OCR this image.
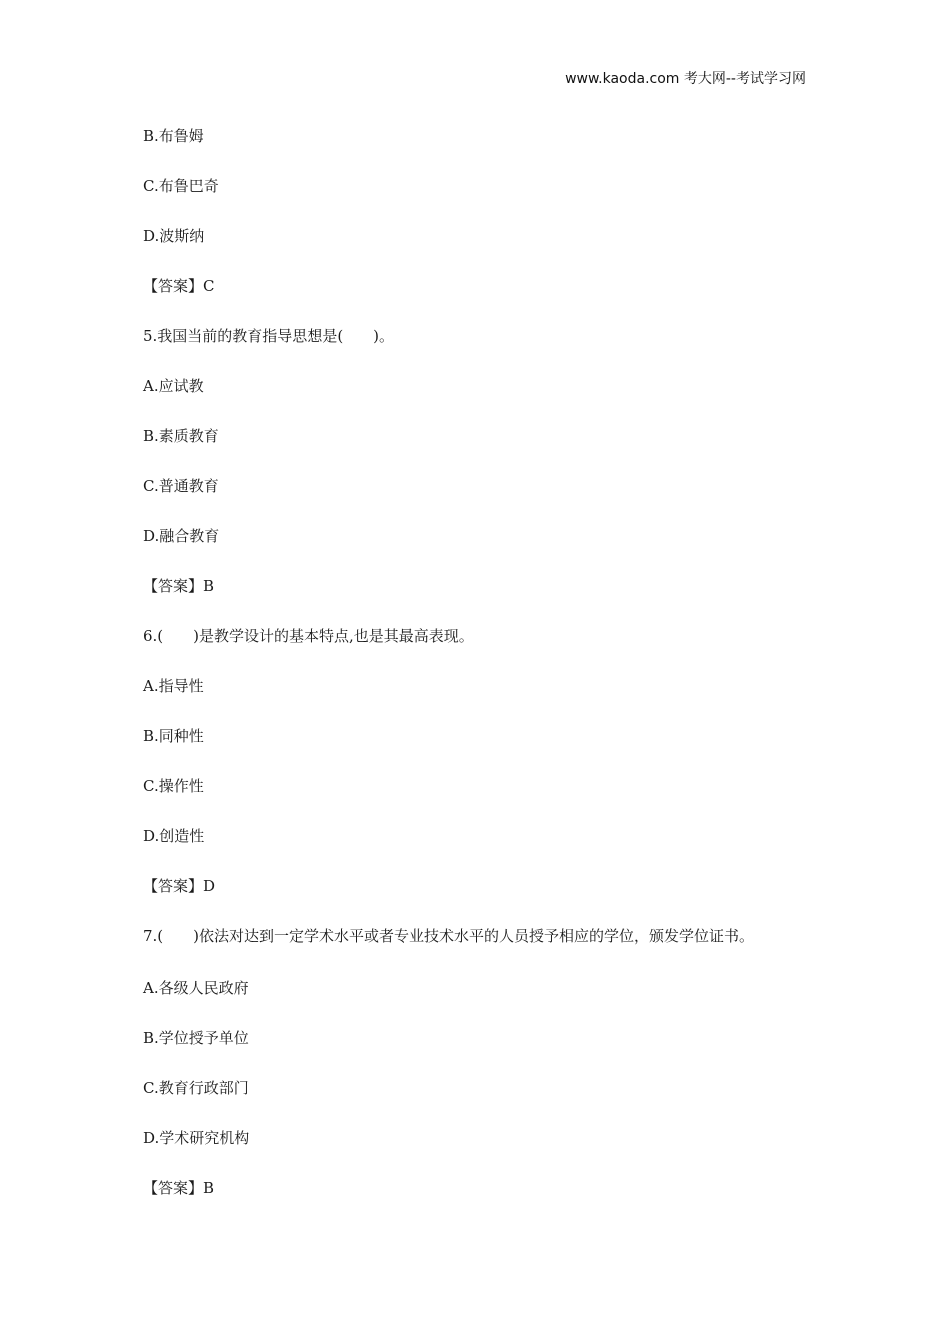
www.kaoda.com 考大网--考试学习网
B.布鲁姆
C.布鲁巴奇
D.波斯纳
【答案】C
5.我国当前的教育指导思想是(　　)。
A.应试教
B.素质教育
C.普通教育
D.融合教育
【答案】B
6.(　　)是教学设计的基本特点,也是其最高表现。
A.指导性
B.同种性
C.操作性
D.创造性
【答案】D
7.(　　)依法对达到一定学术水平或者专业技术水平的人员授予相应的学位，颁发学位证书。
A.各级人民政府
B.学位授予单位
C.教育行政部门
D.学术研究机构
【答案】B
